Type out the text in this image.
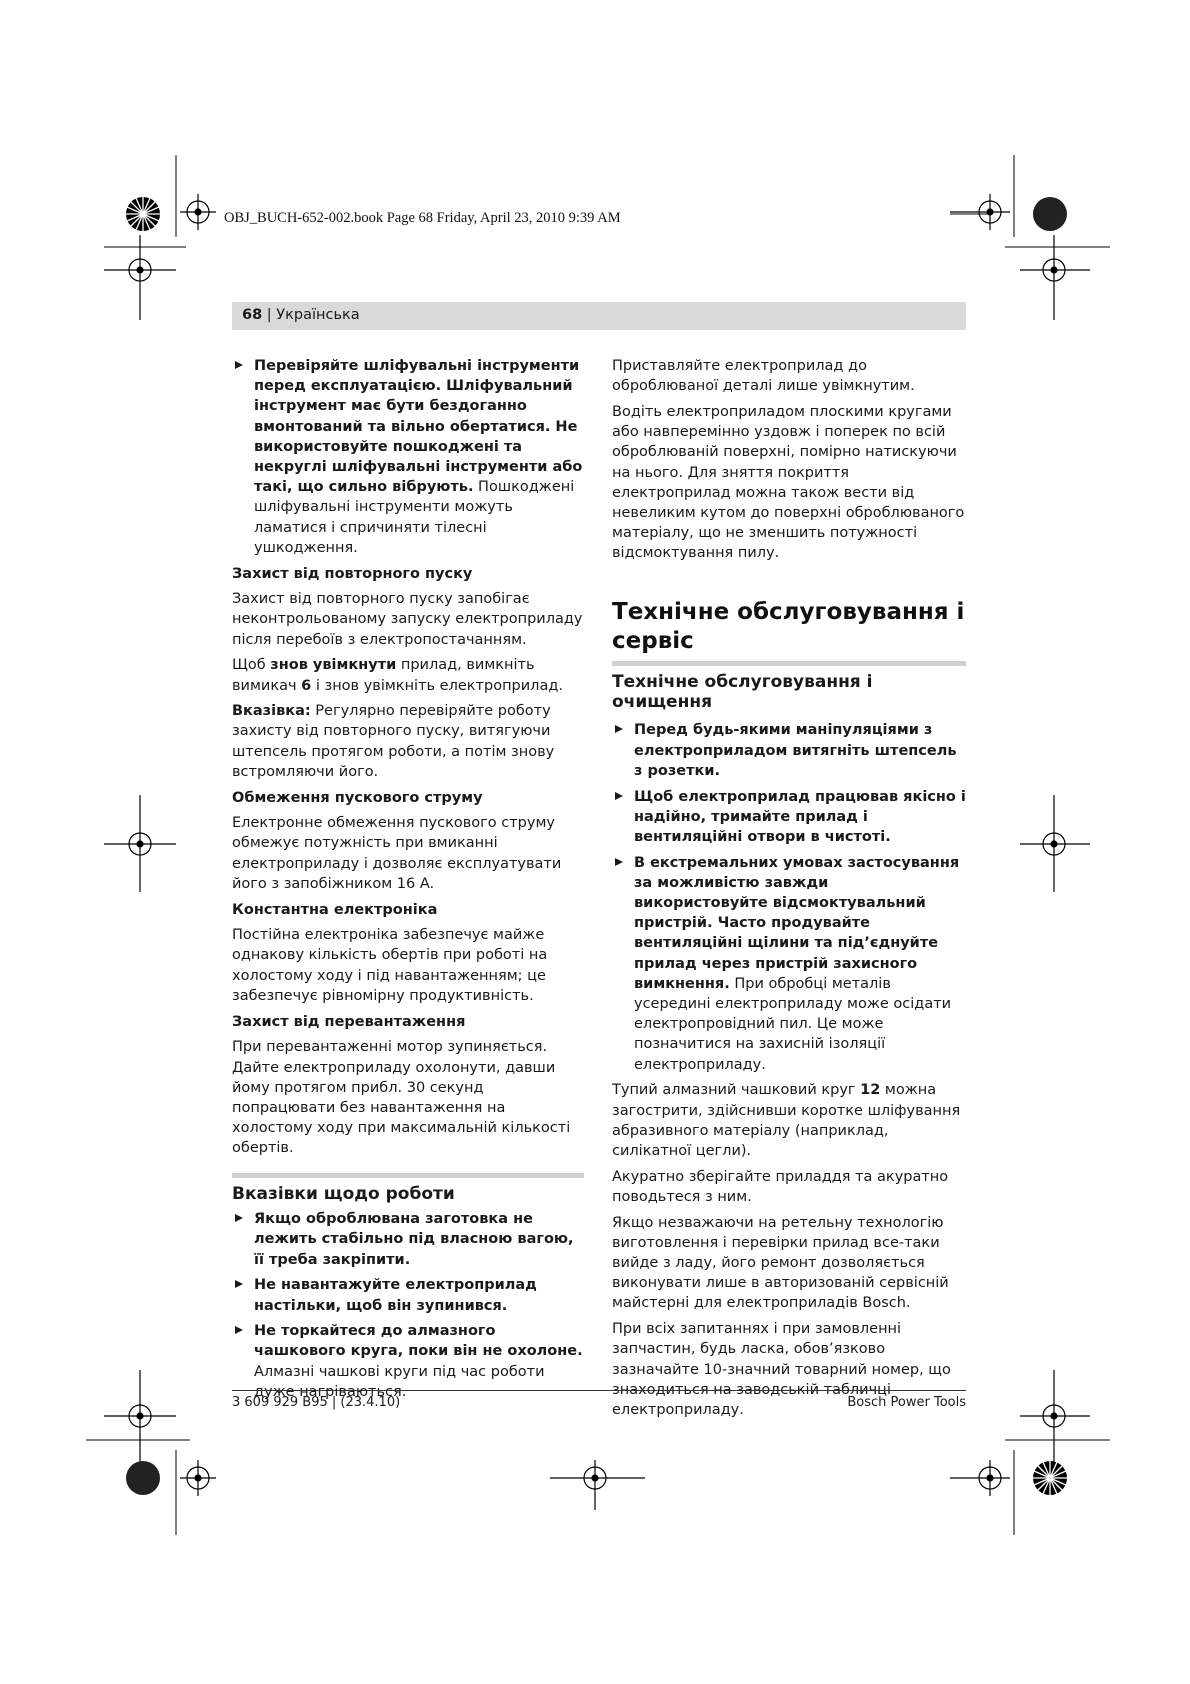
OBJ_BUCH-652-002.book Page 68 Friday, April 23, 2010 9:39 AM
68 | Українська

Перевіряйте шліфувальні інструменти перед експлуатацією. Шліфувальний інструмент має бути бездоганно вмонтований та вільно обертатися. Не використовуйте пошкоджені та некруглі шліфувальні інструменти або такі, що сильно вібрують. Пошкоджені шліфувальні інструменти можуть ламатися і спричиняти тілесні ушкодження.

Захист від повторного пуску

Захист від повторного пуску запобігає неконтрольованому запуску електроприладу після перебоїв з електропостачанням.

Щоб знов увімкнути прилад, вимкніть вимикач 6 і знов увімкніть електроприлад.

Вказівка: Регулярно перевіряйте роботу захисту від повторного пуску, витягуючи штепсель протягом роботи, а потім знову встромляючи його.

Обмеження пускового струму

Електронне обмеження пускового струму обмежує потужність при вмиканні електроприладу і дозволяє експлуатувати його з запобіжником 16 A.

Константна електроніка

Постійна електроніка забезпечує майже однакову кількість обертів при роботі на холостому ходу і під навантаженням; це забезпечує рівномірну продуктивність.

Захист від перевантаження

При перевантаженні мотор зупиняється. Дайте електроприладу охолонути, давши йому протягом прибл. 30 секунд попрацювати без навантаження на холостому ходу при максимальній кількості обертів.

Вказівки щодо роботи

Якщо оброблювана заготовка не лежить стабільно під власною вагою, її треба закріпити.

Не навантажуйте електроприлад настільки, щоб він зупинився.

Не торкайтеся до алмазного чашкового круга, поки він не охолоне. Алмазні чашкові круги під час роботи дуже нагріваються.

Приставляйте електроприлад до оброблюваної деталі лише увімкнутим.

Водіть електроприладом плоскими кругами або навперемінно уздовж і поперек по всій оброблюваній поверхні, помірно натискуючи на нього. Для зняття покриття електроприлад можна також вести від невеликим кутом до поверхні оброблюваного матеріалу, що не зменшить потужності відсмоктування пилу.

Технічне обслуговування і сервіс

Технічне обслуговування і очищення

Перед будь-якими маніпуляціями з електроприладом витягніть штепсель з розетки.

Щоб електроприлад працював якісно і надійно, тримайте прилад і вентиляційні отвори в чистоті.

В екстремальних умовах застосування за можливістю завжди використовуйте відсмоктувальний пристрій. Часто продувайте вентиляційні щілини та під’єднуйте прилад через пристрій захисного вимкнення. При обробці металів усередині електроприладу може осідати електропровідний пил. Це може позначитися на захисній ізоляції електроприладу.

Тупий алмазний чашковий круг 12 можна загострити, здійснивши коротке шліфування абразивного матеріалу (наприклад, силікатної цегли).

Акуратно зберігайте приладдя та акуратно поводьтеся з ним.

Якщо незважаючи на ретельну технологію виготовлення і перевірки прилад все-таки вийде з ладу, його ремонт дозволяється виконувати лише в авторизованій сервісній майстерні для електроприладів Bosch.

При всіх запитаннях і при замовленні запчастин, будь ласка, обов’язково зазначайте 10-значний товарний номер, що знаходиться на заводській табличці електроприладу.

3 609 929 B95 | (23.4.10)	Bosch Power Tools
